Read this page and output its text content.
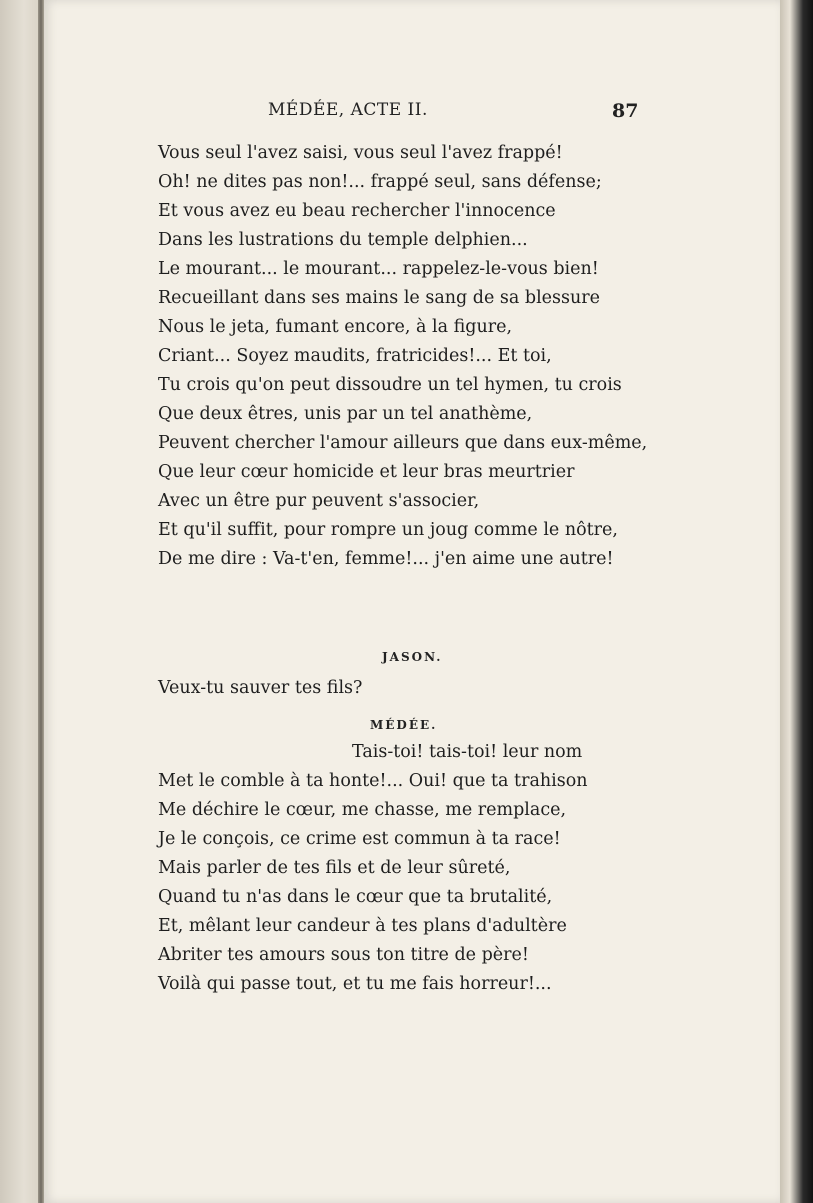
MÉDÉE, ACTE II.	87
Vous seul l'avez saisi, vous seul l'avez frappé!
Oh! ne dites pas non!... frappé seul, sans défense;
Et vous avez eu beau rechercher l'innocence
Dans les lustrations du temple delphien...
Le mourant... le mourant... rappelez-le-vous bien!
Recueillant dans ses mains le sang de sa blessure
Nous le jeta, fumant encore, à la figure,
Criant... Soyez maudits, fratricides!... Et toi,
Tu crois qu'on peut dissoudre un tel hymen, tu crois
Que deux êtres, unis par un tel anathème,
Peuvent chercher l'amour ailleurs que dans eux-même,
Que leur cœur homicide et leur bras meurtrier
Avec un être pur peuvent s'associer,
Et qu'il suffit, pour rompre un joug comme le nôtre,
De me dire : Va-t'en, femme!... j'en aime une autre!
JASON.
Veux-tu sauver tes fils?
MÉDÉE.
Tais-toi! tais-toi! leur nom
Met le comble à ta honte!... Oui! que ta trahison
Me déchire le cœur, me chasse, me remplace,
Je le conçois, ce crime est commun à ta race!
Mais parler de tes fils et de leur sûreté,
Quand tu n'as dans le cœur que ta brutalité,
Et, mêlant leur candeur à tes plans d'adultère
Abriter tes amours sous ton titre de père!
Voilà qui passe tout, et tu me fais horreur!...
